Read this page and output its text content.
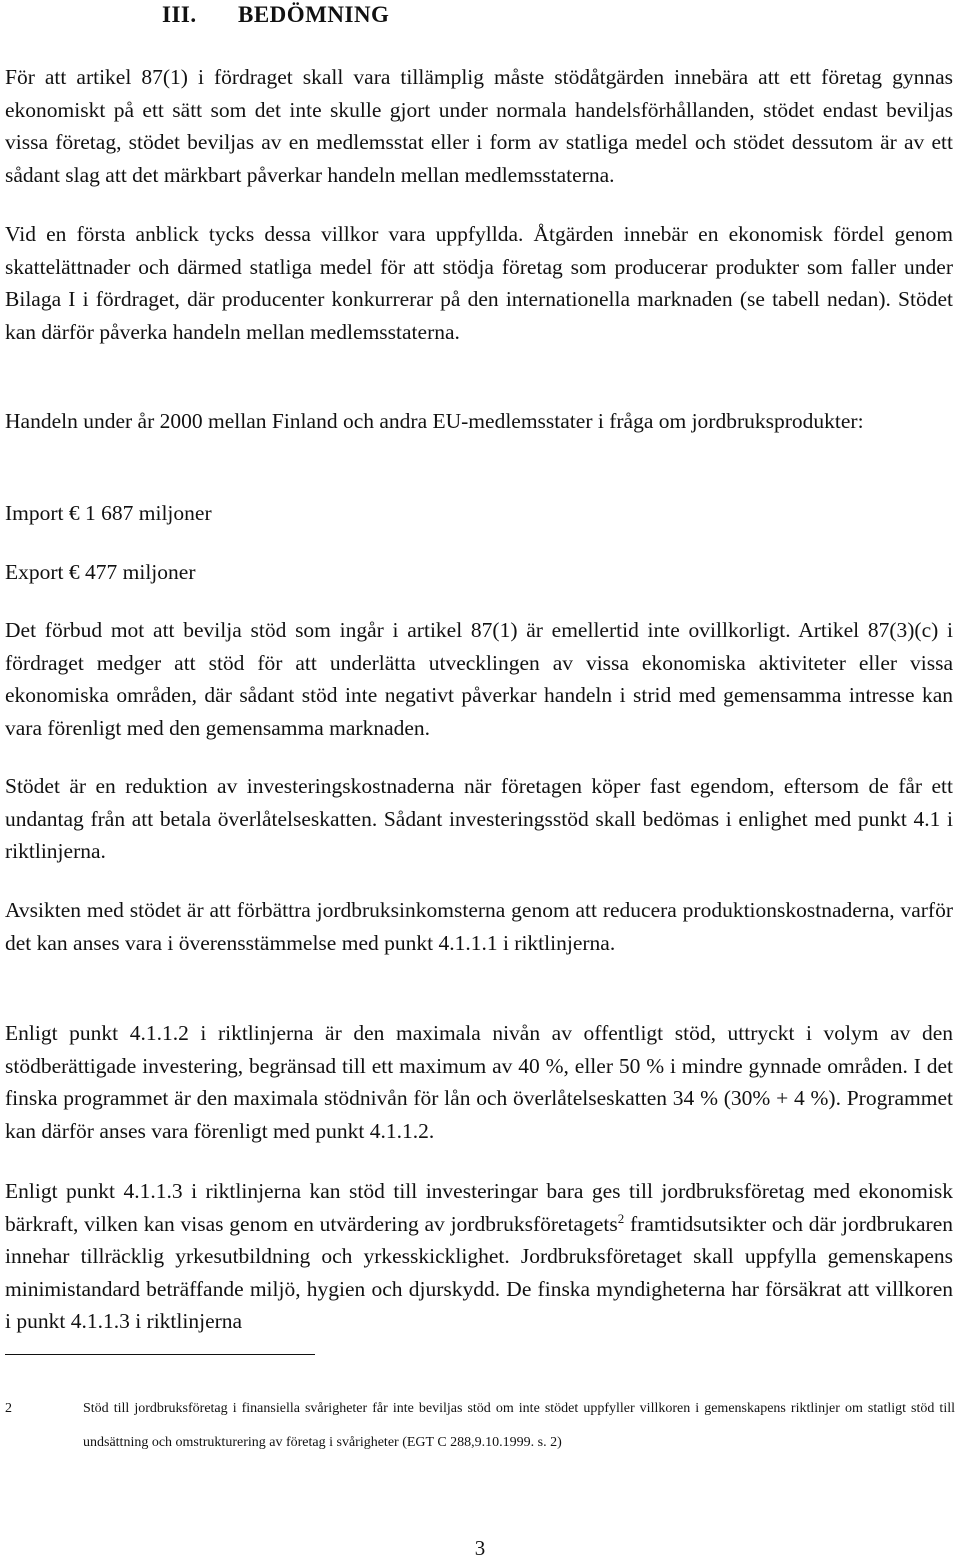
III. BEDÖMNING

För att artikel 87(1) i fördraget skall vara tillämplig måste stödåtgärden innebära att ett företag gynnas ekonomiskt på ett sätt som det inte skulle gjort under normala handelsförhållanden, stödet endast beviljas vissa företag, stödet beviljas av en medlemsstat eller i form av statliga medel och stödet dessutom är av ett sådant slag att det märkbart påverkar handeln mellan medlemsstaterna.

Vid en första anblick tycks dessa villkor vara uppfyllda. Åtgärden innebär en ekonomisk fördel genom skattelättnader och därmed statliga medel för att stödja företag som producerar produkter som faller under Bilaga I i fördraget, där producenter konkurrerar på den internationella marknaden (se tabell nedan). Stödet kan därför påverka handeln mellan medlemsstaterna.

Handeln under år 2000 mellan Finland och andra EU-medlemsstater i fråga om jordbruksprodukter:

Import € 1 687 miljoner

Export € 477 miljoner

Det förbud mot att bevilja stöd som ingår i artikel 87(1) är emellertid inte ovillkorligt. Artikel 87(3)(c) i fördraget medger att stöd för att underlätta utvecklingen av vissa ekonomiska aktiviteter eller vissa ekonomiska områden, där sådant stöd inte negativt påverkar handeln i strid med gemensamma intresse kan vara förenligt med den gemensamma marknaden.

Stödet är en reduktion av investeringskostnaderna när företagen köper fast egendom, eftersom de får ett undantag från att betala överlåtelseskatten. Sådant investeringsstöd skall bedömas i enlighet med punkt 4.1 i riktlinjerna.

Avsikten med stödet är att förbättra jordbruksinkomsterna genom att reducera produktionskostnaderna, varför det kan anses vara i överensstämmelse med punkt 4.1.1.1 i riktlinjerna.

Enligt punkt 4.1.1.2 i riktlinjerna är den maximala nivån av offentligt stöd, uttryckt i volym av den stödberättigade investering, begränsad till ett maximum av 40 %, eller 50 % i mindre gynnade områden. I det finska programmet är den maximala stödnivån för lån och överlåtelseskatten 34 % (30% + 4 %). Programmet kan därför anses vara förenligt med punkt 4.1.1.2.

Enligt punkt 4.1.1.3 i riktlinjerna kan stöd till investeringar bara ges till jordbruksföretag med ekonomisk bärkraft, vilken kan visas genom en utvärdering av jordbruksföretagets$^2$ framtidsutsikter och där jordbrukaren innehar tillräcklig yrkesutbildning och yrkesskicklighet. Jordbruksföretaget skall uppfylla gemenskapens minimistandard beträffande miljö, hygien och djurskydd. De finska myndigheterna har försäkrat att villkoren i punkt 4.1.1.3 i riktlinjerna

2	Stöd till jordbruksföretag i finansiella svårigheter får inte beviljas stöd om inte stödet uppfyller villkoren i gemenskapens riktlinjer om statligt stöd till undsättning och omstrukturering av företag i svårigheter (EGT C 288,9.10.1999. s. 2)

3
